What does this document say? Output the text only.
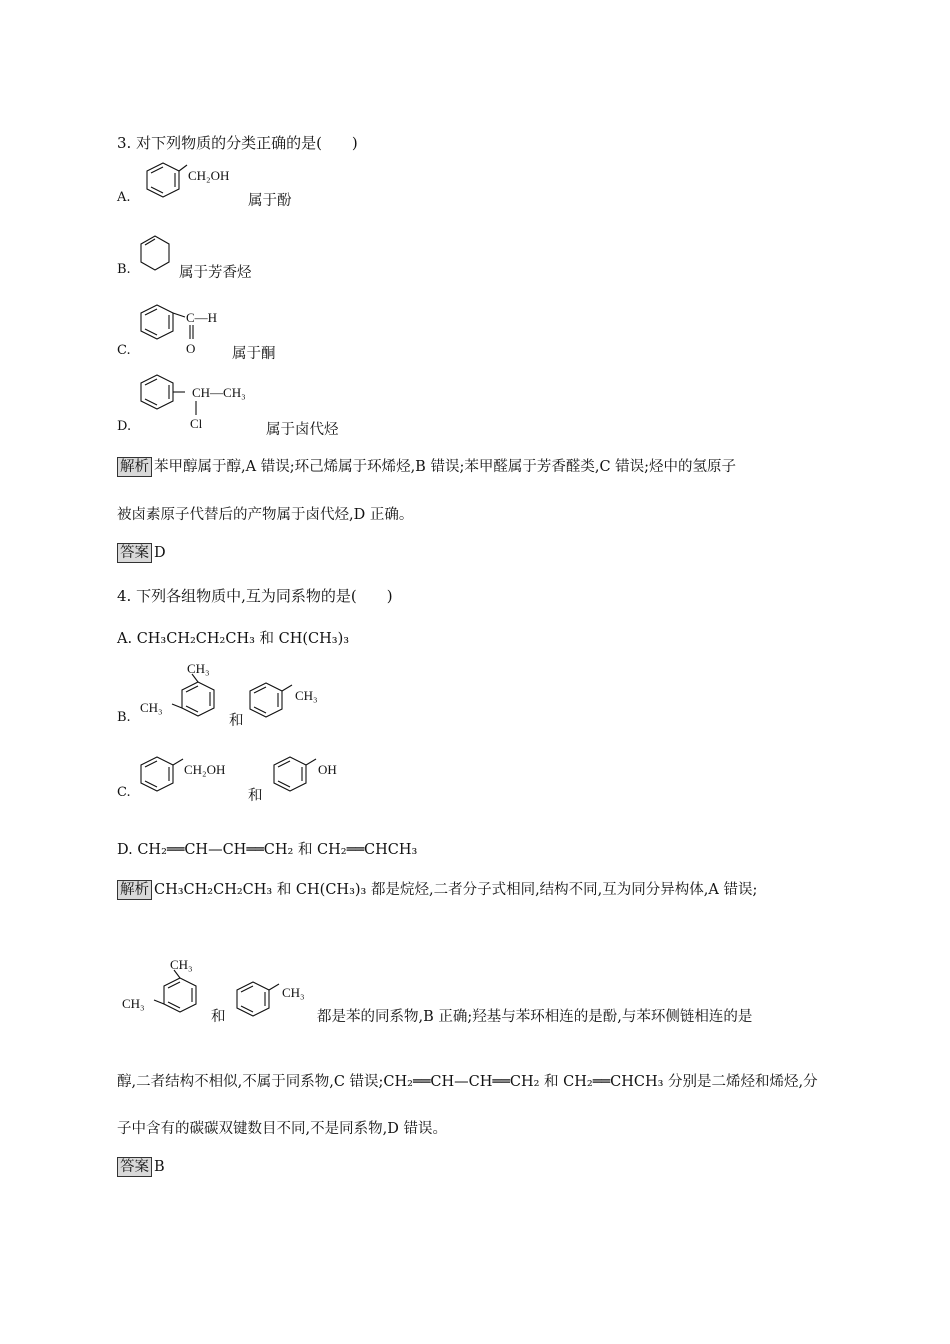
3. 对下列物质的分类正确的是(　　)
A.
CH₂OH
属于酚
B.	属于芳香烃
C.
C—H
O	属于酮
D.
CH—CH₃
Cl	属于卤代烃
解析 苯甲醇属于醇,A 错误;环己烯属于环烯烃,B 错误;苯甲醛属于芳香醛类,C 错误;烃中的氢原子
被卤素原子代替后的产物属于卤代烃,D 正确。
答案 D
4. 下列各组物质中,互为同系物的是(　　)
A. CH₃CH₂CH₂CH₃ 和 CH(CH₃)₃
B.
CH₃
CH₃
和
CH₃
C.
CH₂OH
和
OH
D. CH₂══CH—CH══CH₂ 和 CH₂══CHCH₃
解析 CH₃CH₂CH₂CH₃ 和 CH(CH₃)₃ 都是烷烃,二者分子式相同,结构不同,互为同分异构体,A 错误;
CH₃
CH₃
和
CH₃
都是苯的同系物,B 正确;羟基与苯环相连的是酚,与苯环侧链相连的是
醇,二者结构不相似,不属于同系物,C 错误;CH₂══CH—CH══CH₂ 和 CH₂══CHCH₃ 分别是二烯烃和烯烃,分
子中含有的碳碳双键数目不同,不是同系物,D 错误。
答案 B
